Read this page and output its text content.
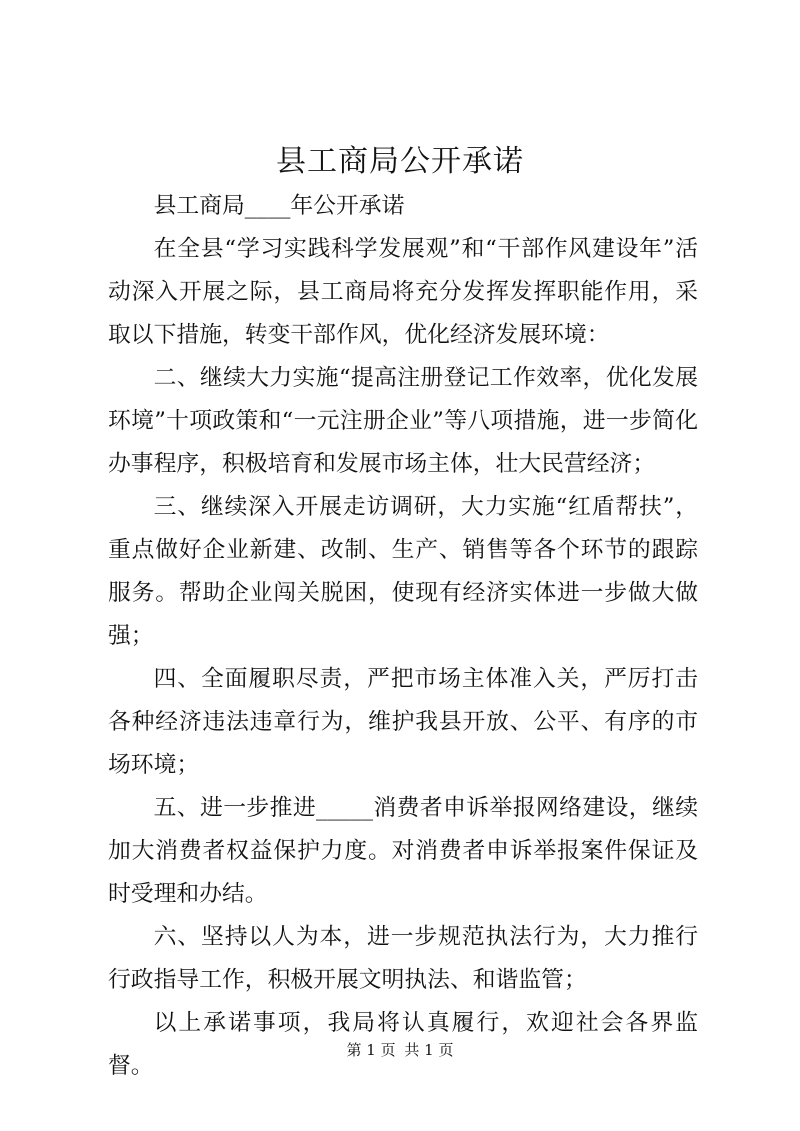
县工商局公开承诺

县工商局____年公开承诺

在全县“学习实践科学发展观”和“干部作风建设年”活动深入开展之际，县工商局将充分发挥发挥职能作用，采取以下措施，转变干部作风，优化经济发展环境：

二、继续大力实施“提高注册登记工作效率，优化发展环境”十项政策和“一元注册企业”等八项措施，进一步简化办事程序，积极培育和发展市场主体，壮大民营经济；

三、继续深入开展走访调研，大力实施“红盾帮扶”，重点做好企业新建、改制、生产、销售等各个环节的跟踪服务。帮助企业闯关脱困，使现有经济实体进一步做大做强；

四、全面履职尽责，严把市场主体准入关，严厉打击各种经济违法违章行为，维护我县开放、公平、有序的市场环境；

五、进一步推进_____消费者申诉举报网络建设，继续加大消费者权益保护力度。对消费者申诉举报案件保证及时受理和办结。

六、坚持以人为本，进一步规范执法行为，大力推行行政指导工作，积极开展文明执法、和谐监管；

以上承诺事项，我局将认真履行，欢迎社会各界监督。

第 1 页 共 1 页
